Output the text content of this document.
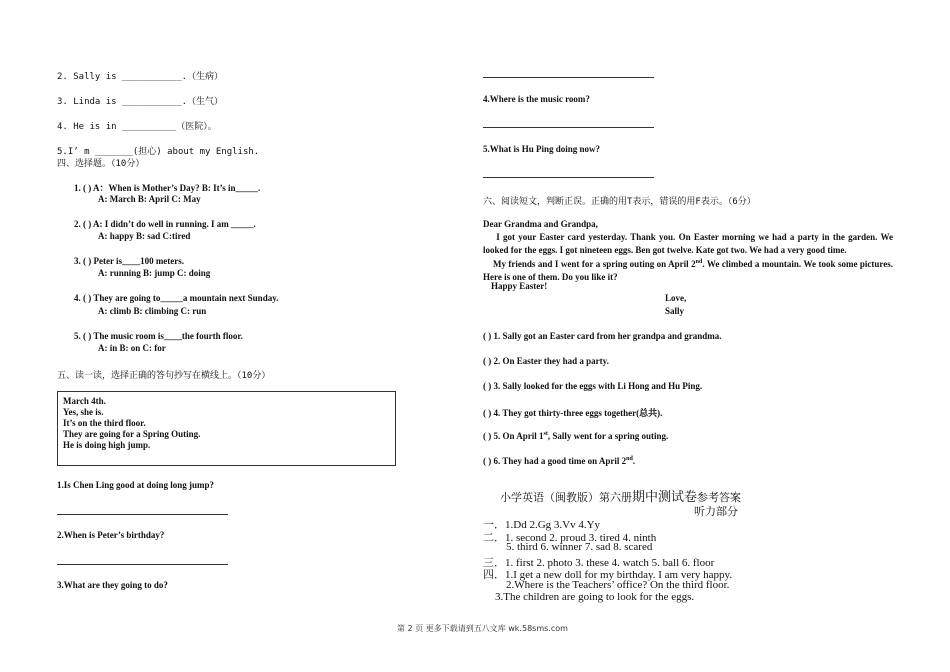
2. Sally is ___________.（生病）
3. Linda is ___________.（生气）
4. He is in __________（医院）。
5.I’ m _______(担心) about my English.
四、选择题。（10分）
1. ( ) A：When is Mother’s Day? B: It’s in_____.
A: March B: April C: May
2. ( ) A: I didn’t do well in running. I am _____.
A: happy B: sad C:tired
3. ( ) Peter is____100 meters.
A: running B: jump C: doing
4. ( ) They are going to_____a mountain next Sunday.
A: climb B: climbing C: run
5. ( ) The music room is____the fourth floor.
A: in B: on C: for
五、读一读，选择正确的答句抄写在横线上。（10分）
March 4th.
Yes, she is.
It’s on the third floor.
They are going for a Spring Outing.
He is doing high jump.
1.Is Chen Ling good at doing long jump?
2.When is Peter’s birthday?
3.What are they going to do?
4.Where is the music room?
5.What is Hu Ping doing now?
六、阅读短文，判断正误。正确的用T表示，错误的用F表示。（6分）
Dear Grandma and Grandpa,
I got your Easter card yesterday. Thank you. On Easter morning we had a party in the garden. We looked for the eggs. I got nineteen eggs. Ben got twelve. Kate got two. We had a very good time.
My friends and I went for a spring outing on April 2nd. We climbed a mountain. We took some pictures. Here is one of them. Do you like it?
Happy Easter!
Love,
Sally
( ) 1. Sally got an Easter card from her grandpa and grandma.
( ) 2. On Easter they had a party.
( ) 3. Sally looked for the eggs with Li Hong and Hu Ping.
( ) 4. They got thirty-three eggs together(总共).
( ) 5. On April 1st, Sally went for a spring outing.
( ) 6. They had a good time on April 2nd.
小学英语（闽教版）第六册期中测试卷参考答案
听力部分
一．1.Dd 2.Gg 3.Vv 4.Yy
二．1. second 2. proud 3. tired 4. ninth
5. third 6. winner 7. sad 8. scared
三．1. first 2. photo 3. these 4. watch 5. ball 6. floor
四．1.I get a new doll for my birthday. I am very happy.
2.Where is the Teachers’ office? On the third floor.
3.The children are going to look for the eggs.
第 2 页 更多下载请到五八文库 wk.58sms.com
